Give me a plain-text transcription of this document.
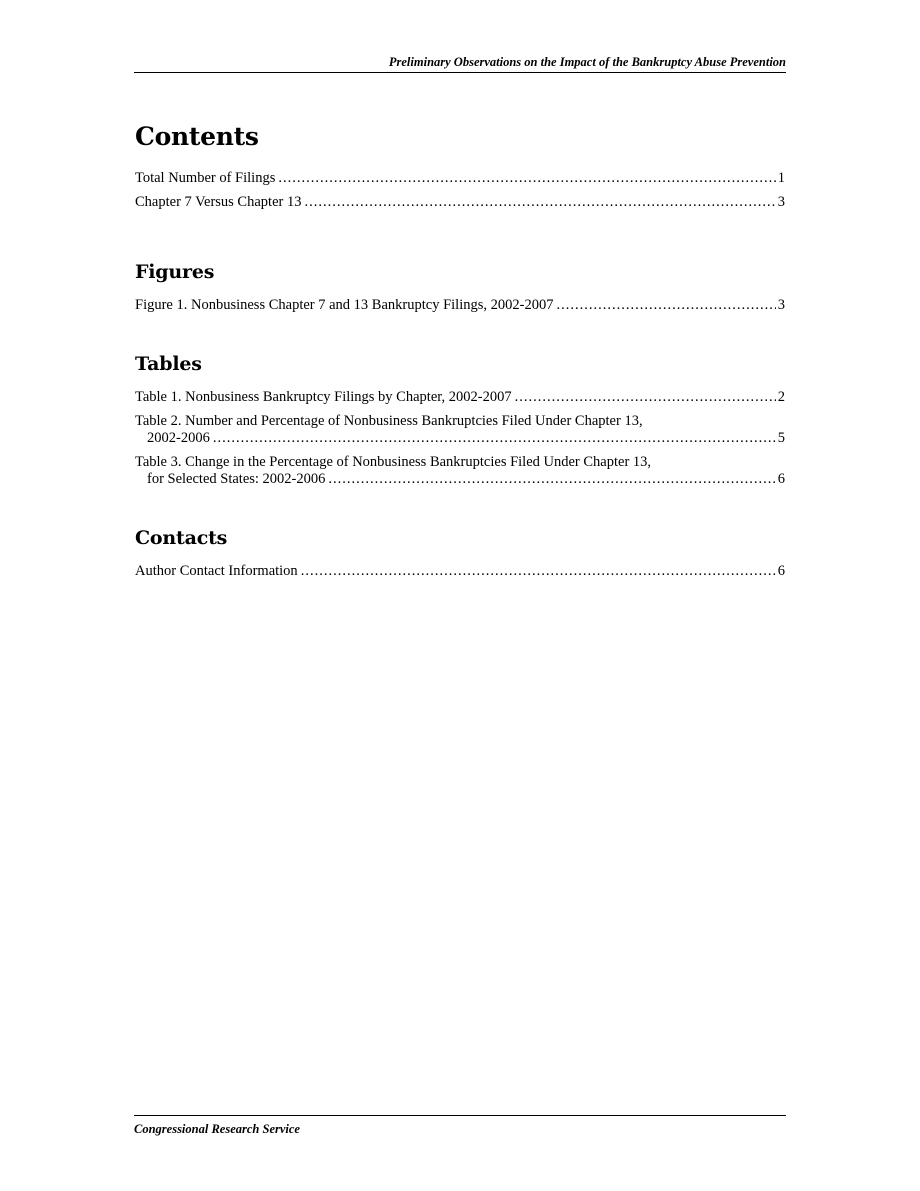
Preliminary Observations on the Impact of the Bankruptcy Abuse Prevention
Contents
Total Number of Filings .....	1
Chapter 7 Versus Chapter 13 .....	3
Figures
Figure 1. Nonbusiness Chapter 7 and 13 Bankruptcy Filings, 2002-2007 .....	3
Tables
Table 1. Nonbusiness Bankruptcy Filings by Chapter, 2002-2007 .....	2
Table 2. Number and Percentage of Nonbusiness Bankruptcies Filed Under Chapter 13,
2002-2006 .....	5
Table 3. Change in the Percentage of Nonbusiness Bankruptcies Filed Under Chapter 13,
for Selected States: 2002-2006 .....	6
Contacts
Author Contact Information .....	6
Congressional Research Service
